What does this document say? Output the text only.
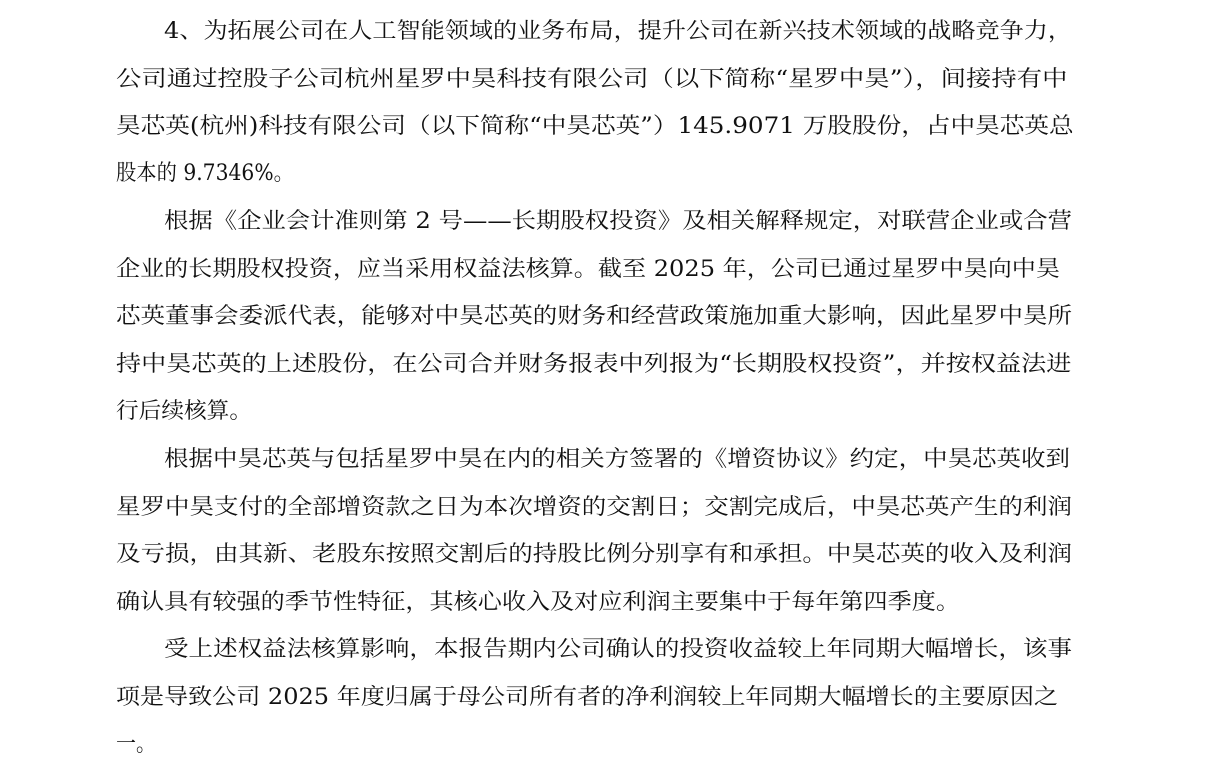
4、为拓展公司在人工智能领域的业务布局，提升公司在新兴技术领域的战略竞争力，
公司通过控股子公司杭州星罗中昊科技有限公司（以下简称“星罗中昊”），间接持有中
昊芯英(杭州)科技有限公司（以下简称“中昊芯英”）145.9071 万股股份，占中昊芯英总
股本的 9.7346%。
根据《企业会计准则第 2 号——长期股权投资》及相关解释规定，对联营企业或合营
企业的长期股权投资，应当采用权益法核算。截至 2025 年，公司已通过星罗中昊向中昊
芯英董事会委派代表，能够对中昊芯英的财务和经营政策施加重大影响，因此星罗中昊所
持中昊芯英的上述股份，在公司合并财务报表中列报为“长期股权投资”，并按权益法进
行后续核算。
根据中昊芯英与包括星罗中昊在内的相关方签署的《增资协议》约定，中昊芯英收到
星罗中昊支付的全部增资款之日为本次增资的交割日；交割完成后，中昊芯英产生的利润
及亏损，由其新、老股东按照交割后的持股比例分别享有和承担。中昊芯英的收入及利润
确认具有较强的季节性特征，其核心收入及对应利润主要集中于每年第四季度。
受上述权益法核算影响，本报告期内公司确认的投资收益较上年同期大幅增长，该事
项是导致公司 2025 年度归属于母公司所有者的净利润较上年同期大幅增长的主要原因之
一。
